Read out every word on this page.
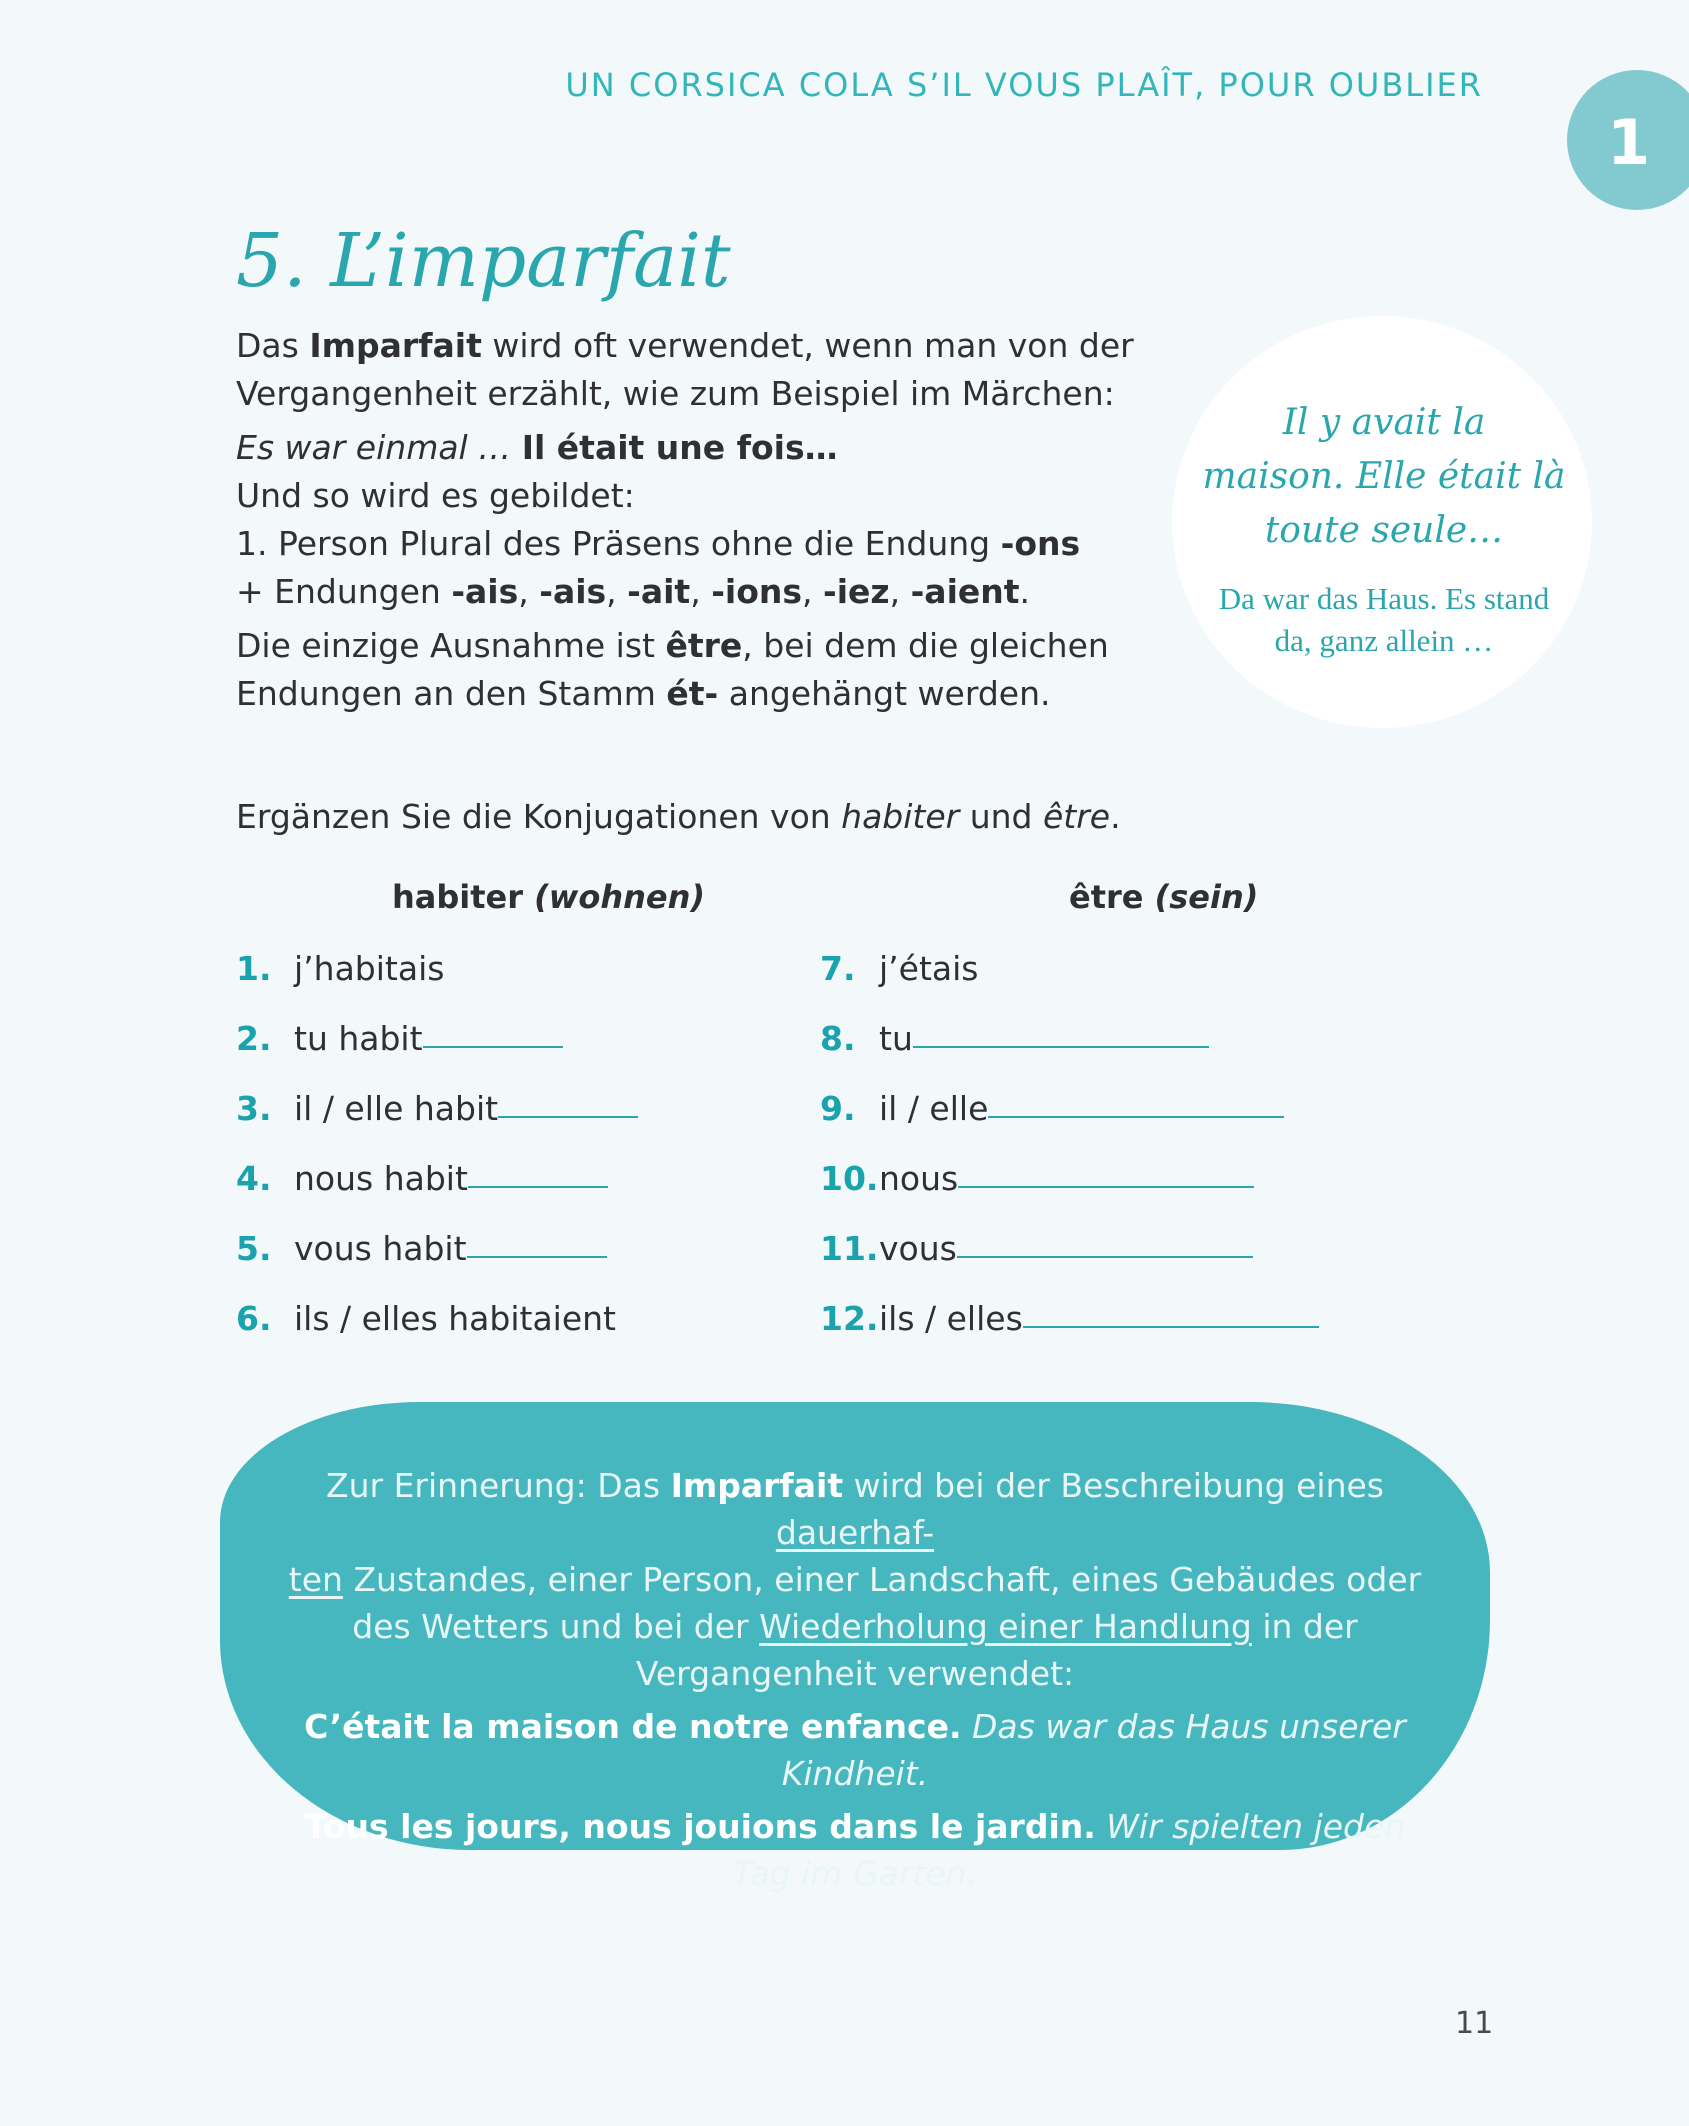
UN CORSICA COLA S’IL VOUS PLAÎT, POUR OUBLIER
1
5. L’imparfait

Das Imparfait wird oft verwendet, wenn man von der

Vergangenheit erzählt, wie zum Beispiel im Märchen:

Es war einmal … Il était une fois…

Und so wird es gebildet:

1. Person Plural des Präsens ohne die Endung -ons

+ Endungen -ais, -ais, -ait, -ions, -iez, -aient.

Die einzige Ausnahme ist être, bei dem die gleichen

Endungen an den Stamm ét- angehängt werden.

Il y avait la
maison. Elle était là
toute seule…
Da war das Haus. Es stand
da, ganz allein …
Ergänzen Sie die Konjugationen von habiter und être.
habiter (wohnen)	être (sein)
1. j’habitais
2. tu habit
3. il / elle habit
4. nous habit
5. vous habit
6. ils / elles habitaient
7. j’étais
8. tu
9. il / elle
10.nous
11.vous
12.ils / elles

Zur Erinnerung: Das Imparfait wird bei der Beschreibung eines dauerhaf-
ten Zustandes, einer Person, einer Landschaft, eines Gebäudes oder des Wetters und bei der Wiederholung einer Handlung in der Vergangenheit verwendet:

C’était la maison de notre enfance. Das war das Haus unserer Kindheit.

Tous les jours, nous jouions dans le jardin. Wir spielten jeden Tag im Garten.

11
